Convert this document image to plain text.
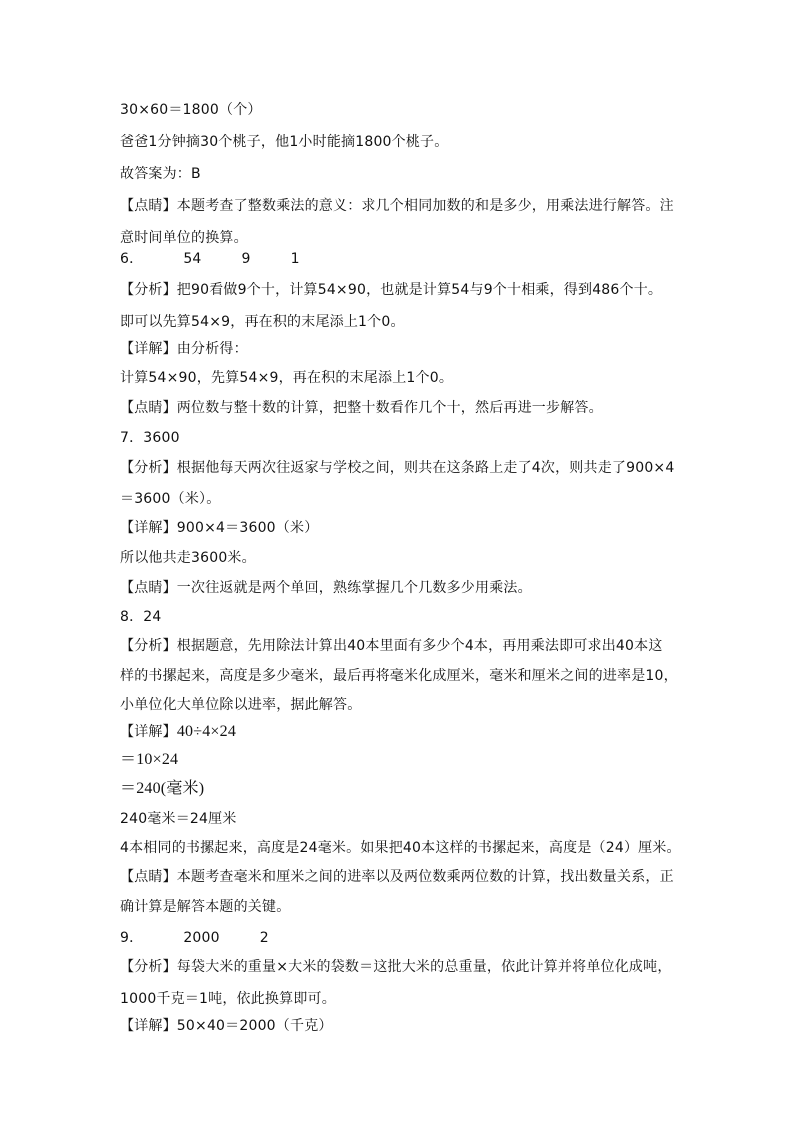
30×60＝1800（个）
爸爸1分钟摘30个桃子，他1小时能摘1800个桃子。
故答案为：B
【点睛】本题考查了整数乘法的意义：求几个相同加数的和是多少，用乘法进行解答。注
意时间单位的换算。
6．	54	9	1
【分析】把90看做9个十，计算54×90，也就是计算54与9个十相乘，得到486个十。
即可以先算54×9，再在积的末尾添上1个0。
【详解】由分析得：
计算54×90，先算54×9，再在积的末尾添上1个0。
【点睛】两位数与整十数的计算，把整十数看作几个十，然后再进一步解答。
7．3600
【分析】根据他每天两次往返家与学校之间，则共在这条路上走了4次，则共走了900×4
＝3600（米）。
【详解】900×4＝3600（米）
所以他共走3600米。
【点睛】一次往返就是两个单回，熟练掌握几个几数多少用乘法。
8．24
【分析】根据题意，先用除法计算出40本里面有多少个4本，再用乘法即可求出40本这
样的书摞起来，高度是多少毫米，最后再将毫米化成厘米，毫米和厘米之间的进率是10，
小单位化大单位除以进率，据此解答。
【详解】40÷4×24
＝10×24
＝240(毫米)
240毫米＝24厘米
4本相同的书摞起来，高度是24毫米。如果把40本这样的书摞起来，高度是（24）厘米。
【点睛】本题考查毫米和厘米之间的进率以及两位数乘两位数的计算，找出数量关系，正
确计算是解答本题的关键。
9．	2000	2
【分析】每袋大米的重量×大米的袋数＝这批大米的总重量，依此计算并将单位化成吨，
1000千克＝1吨，依此换算即可。
【详解】50×40＝2000（千克）
